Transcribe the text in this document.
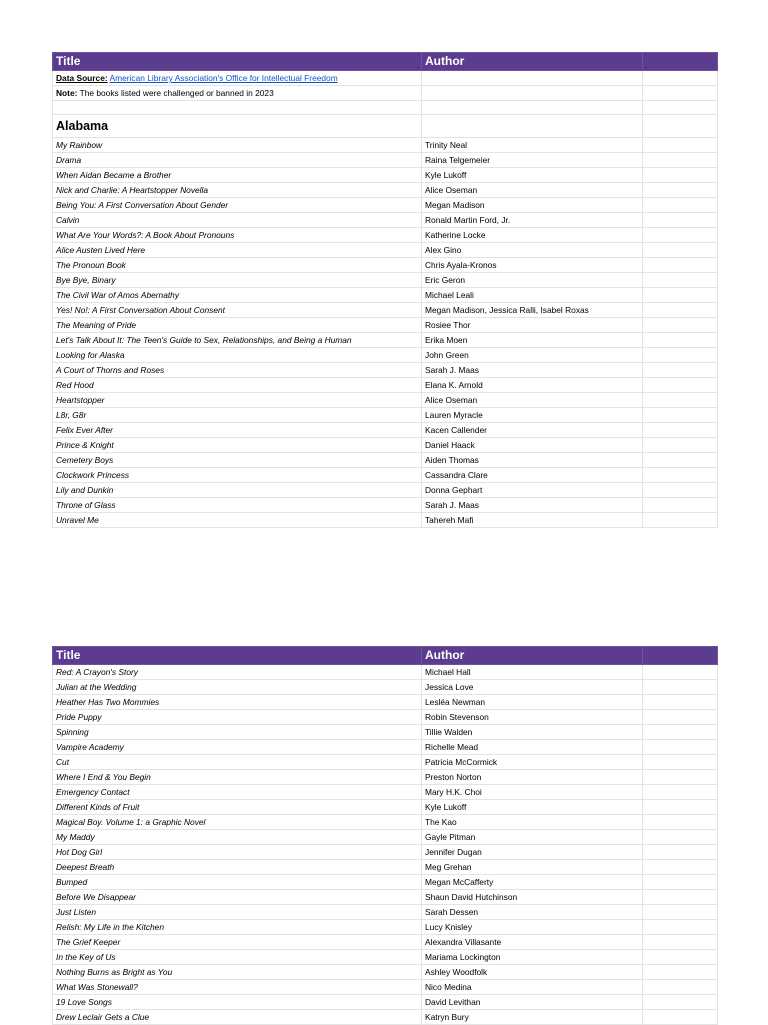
Title	Author	
Data Source: American Library Association's Office for Intellectual Freedom		
Note: The books listed were challenged or banned in 2023		

Alabama		
My Rainbow	Trinity Neal	
Drama	Raina Telgemeier	
When Aidan Became a Brother	Kyle Lukoff	
Nick and Charlie: A Heartstopper Novella	Alice Oseman	
Being You: A First Conversation About Gender	Megan Madison	
Calvin	Ronald Martin Ford, Jr.	
What Are Your Words?: A Book About Pronouns	Katherine Locke	
Alice Austen Lived Here	Alex Gino	
The Pronoun Book	Chris Ayala-Kronos	
Bye Bye, Binary	Eric Geron	
The Civil War of Amos Abernathy	Michael Leali	
Yes! No!: A First Conversation About Consent	Megan Madison, Jessica Ralli, Isabel Roxas	
The Meaning of Pride	Rosiee Thor	
Let's Talk About It: The Teen's Guide to Sex, Relationships, and Being a Human	Erika Moen	
Looking for Alaska	John Green	
A Court of Thorns and Roses	Sarah J. Maas	
Red Hood	Elana K. Arnold	
Heartstopper	Alice Oseman	
L8r, G8r	Lauren Myracle	
Felix Ever After	Kacen Callender	
Prince & Knight	Daniel Haack	
Cemetery Boys	Aiden Thomas	
Clockwork Princess	Cassandra Clare	
Lily and Dunkin	Donna Gephart	
Throne of Glass	Sarah J. Maas	
Unravel Me	Tahereh Mafi	
Title	Author	
Red: A Crayon's Story	Michael Hall	
Julian at the Wedding	Jessica Love	
Heather Has Two Mommies	Lesléa Newman	
Pride Puppy	Robin Stevenson	
Spinning	Tillie Walden	
Vampire Academy	Richelle Mead	
Cut	Patricia McCormick	
Where I End & You Begin	Preston Norton	
Emergency Contact	Mary H.K. Choi	
Different Kinds of Fruit	Kyle Lukoff	
Magical Boy. Volume 1: a Graphic Novel	The Kao	
My Maddy	Gayle Pitman	
Hot Dog Girl	Jennifer Dugan	
Deepest Breath	Meg Grehan	
Bumped	Megan McCafferty	
Before We Disappear	Shaun David Hutchinson	
Just Listen	Sarah Dessen	
Relish: My Life in the Kitchen	Lucy Knisley	
The Grief Keeper	Alexandra Villasante	
In the Key of Us	Mariama Lockington	
Nothing Burns as Bright as You	Ashley Woodfolk	
What Was Stonewall?	Nico Medina	
19 Love Songs	David Levithan	
Drew Leclair Gets a Clue	Katryn Bury	
